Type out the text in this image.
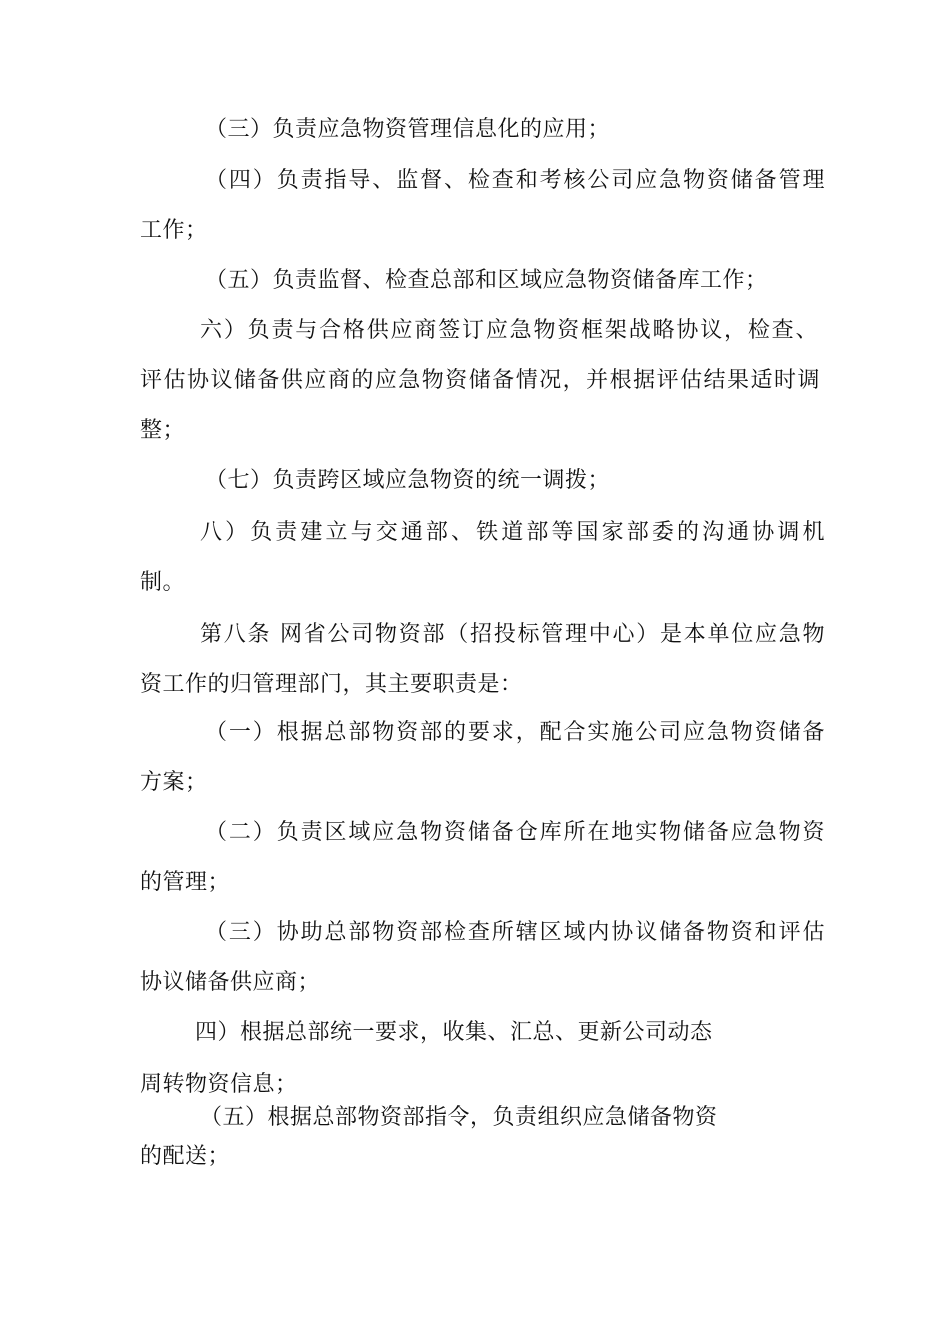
（三）负责应急物资管理信息化的应用；
（四）负责指导、监督、检查和考核公司应急物资储备管理
工作；
（五）负责监督、检查总部和区域应急物资储备库工作；
六）负责与合格供应商签订应急物资框架战略协议，检查、
评估协议储备供应商的应急物资储备情况，并根据评估结果适时调
整；
（七）负责跨区域应急物资的统一调拨；
八）负责建立与交通部、铁道部等国家部委的沟通协调机
制。
第八条 网省公司物资部（招投标管理中心）是本单位应急物
资工作的归管理部门，其主要职责是：
（一）根据总部物资部的要求，配合实施公司应急物资储备
方案；
（二）负责区域应急物资储备仓库所在地实物储备应急物资
的管理；
（三）协助总部物资部检查所辖区域内协议储备物资和评估
协议储备供应商；
四）根据总部统一要求，收集、汇总、更新公司动态
周转物资信息；
（五）根据总部物资部指令，负责组织应急储备物资
的配送；
